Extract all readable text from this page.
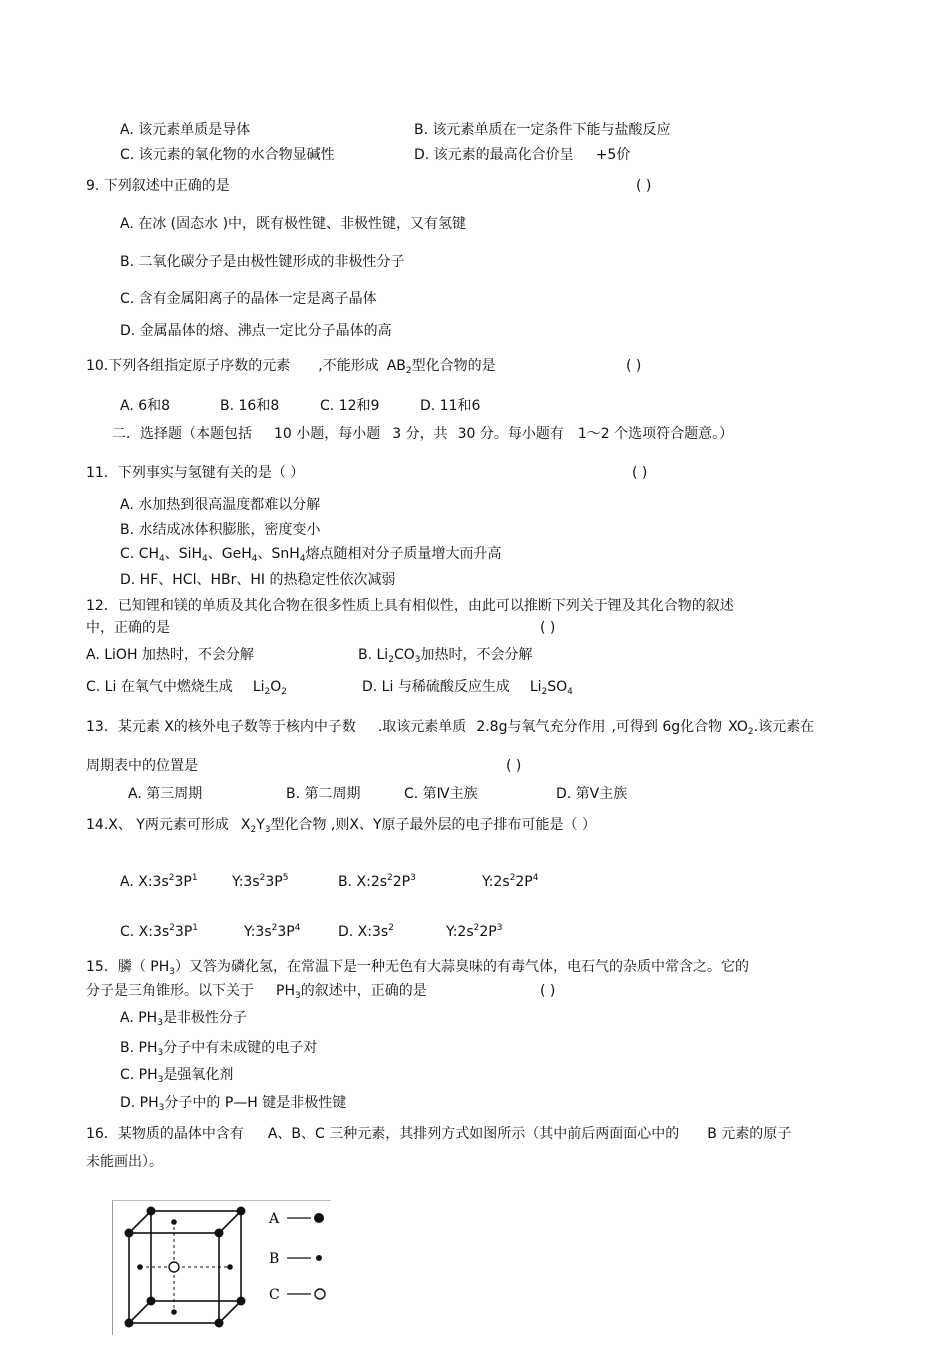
A. 该元素单质是导体	B. 该元素单质在一定条件下能与盐酸反应
C. 该元素的氧化物的水合物显碱性	D. 该元素的最高化合价呈 +5价
9. 下列叙述中正确的是	( )
A. 在冰 (固态水 )中，既有极性键、非极性键，又有氢键
B. 二氧化碳分子是由极性键形成的非极性分子
C. 含有金属阳离子的晶体一定是离子晶体
D. 金属晶体的熔、沸点一定比分子晶体的高
10.下列各组指定原子序数的元素 ,不能形成 $AB_2$型化合物的是	( )
A. 6和8	B. 16和8	C. 12和9	D. 11和6
二．选择题（本题包括 10 小题，每小题 3 分，共 30 分。每小题有 1～2 个选项符合题意。）
11．下列事实与氢键有关的是（ ）	( )
A. 水加热到很高温度都难以分解
B. 水结成冰体积膨胀，密度变小
C. $CH_4$、SiH$_4$、GeH$_4$、SnH$_4$熔点随相对分子质量增大而升高
D. HF、HCl、HBr、HI 的热稳定性依次减弱
12．已知锂和镁的单质及其化合物在很多性质上具有相似性，由此可以推断下列关于锂及其化合物的叙述
中，正确的是	( )
A. LiOH 加热时，不会分解	B. $Li_2CO_3$加热时，不会分解
C. Li 在氧气中燃烧生成 $Li_2O_2$	D. Li 与稀硫酸反应生成 $Li_2SO_4$
13．某元素 X的核外电子数等于核内中子数 .取该元素单质 2.8g与氧气充分作用 ,可得到 6g化合物 $XO_2$.该元素在
周期表中的位置是	( )
A. 第三周期	B. 第二周期	C. 第Ⅳ主族	D. 第Ⅴ主族
14.X、 Y两元素可形成 $X_2Y_3$型化合物 ,则X、Y原子最外层的电子排布可能是（ ）
A. $X:3s^23P^1$ $Y:3s^23P^5$	B. $X:2s^22P^3$	$Y:2s^22P^4$
C. $X:3s^23P^1$	$Y:3s^23P^4$	D. $X:3s^2$	$Y:2s^22P^3$
15．膦（ $PH_3$）又答为磷化氢，在常温下是一种无色有大蒜臭味的有毒气体，电石气的杂质中常含之。它的
分子是三角锥形。以下关于 $PH_3$的叙述中，正确的是	( )
A. $PH_3$是非极性分子
B. $PH_3$分子中有未成键的电子对
C. $PH_3$是强氧化剂
D. $PH_3$分子中的 P—H 键是非极性键
16．某物质的晶体中含有 A、B、C 三种元素，其排列方式如图所示（其中前后两面面心中的 B 元素的原子
未能画出）。
A
B
C
